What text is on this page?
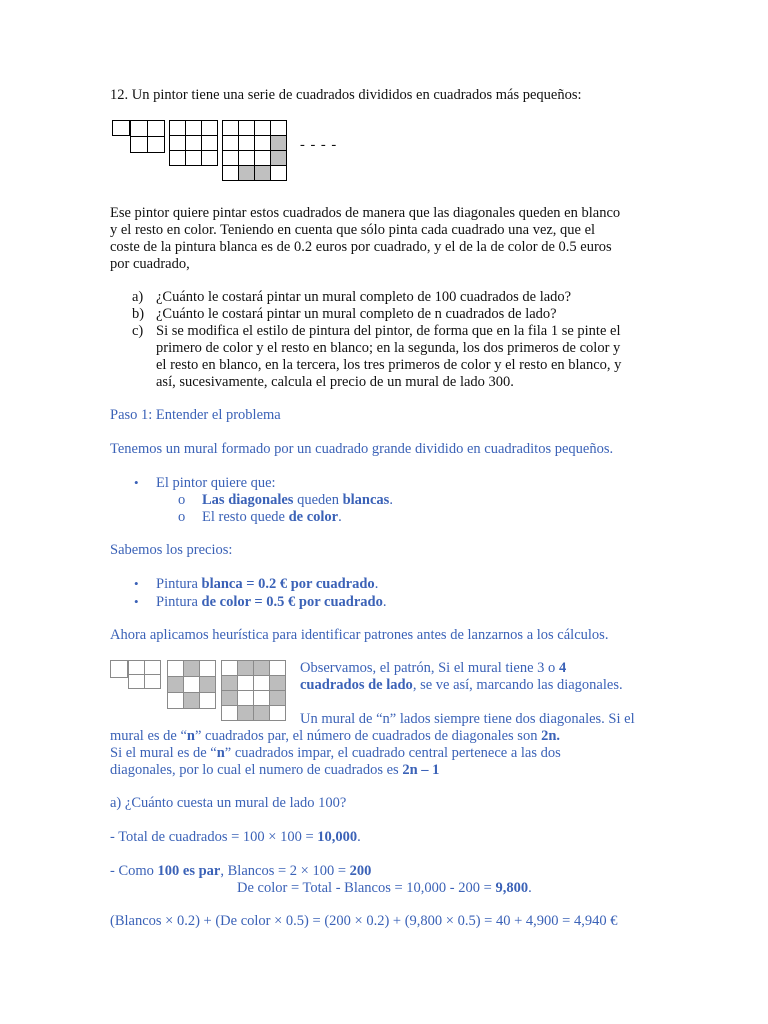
12. Un pintor tiene una serie de cuadrados divididos en cuadrados más pequeños:
- - - -
Ese pintor quiere pintar estos cuadrados de manera que las diagonales queden en blanco
y el resto en color. Teniendo en cuenta que sólo pinta cada cuadrado una vez, que el
coste de la pintura blanca es de 0.2 euros por cuadrado, y el de la de color de 0.5 euros
por cuadrado,
a) ¿Cuánto le costará pintar un mural completo de 100 cuadrados de lado?
b) ¿Cuánto le costará pintar un mural completo de n cuadrados de lado?
c) Si se modifica el estilo de pintura del pintor, de forma que en la fila 1 se pinte el
primero de color y el resto en blanco; en la segunda, los dos primeros de color y
el resto en blanco, en la tercera, los tres primeros de color y el resto en blanco, y
así, sucesivamente, calcula el precio de un mural de lado 300.
Paso 1: Entender el problema
Tenemos un mural formado por un cuadrado grande dividido en cuadraditos pequeños.
• El pintor quiere que:
o Las diagonales queden blancas.
o El resto quede de color.
Sabemos los precios:
• Pintura blanca = 0.2 € por cuadrado.
• Pintura de color = 0.5 € por cuadrado.
Ahora aplicamos heurística para identificar patrones antes de lanzarnos a los cálculos.
Observamos, el patrón, Si el mural tiene 3 o 4
cuadrados de lado, se ve así, marcando las diagonales.
Un mural de “n” lados siempre tiene dos diagonales. Si el
mural es de “n” cuadrados par, el número de cuadrados de diagonales son 2n.
Si el mural es de “n” cuadrados impar, el cuadrado central pertenece a las dos
diagonales, por lo cual el numero de cuadrados es 2n – 1
a) ¿Cuánto cuesta un mural de lado 100?
- Total de cuadrados = 100 × 100 = 10,000.
- Como 100 es par, Blancos = 2 × 100 = 200
De color = Total - Blancos = 10,000 - 200 = 9,800.
(Blancos × 0.2) + (De color × 0.5) = (200 × 0.2) + (9,800 × 0.5) = 40 + 4,900 = 4,940 €
